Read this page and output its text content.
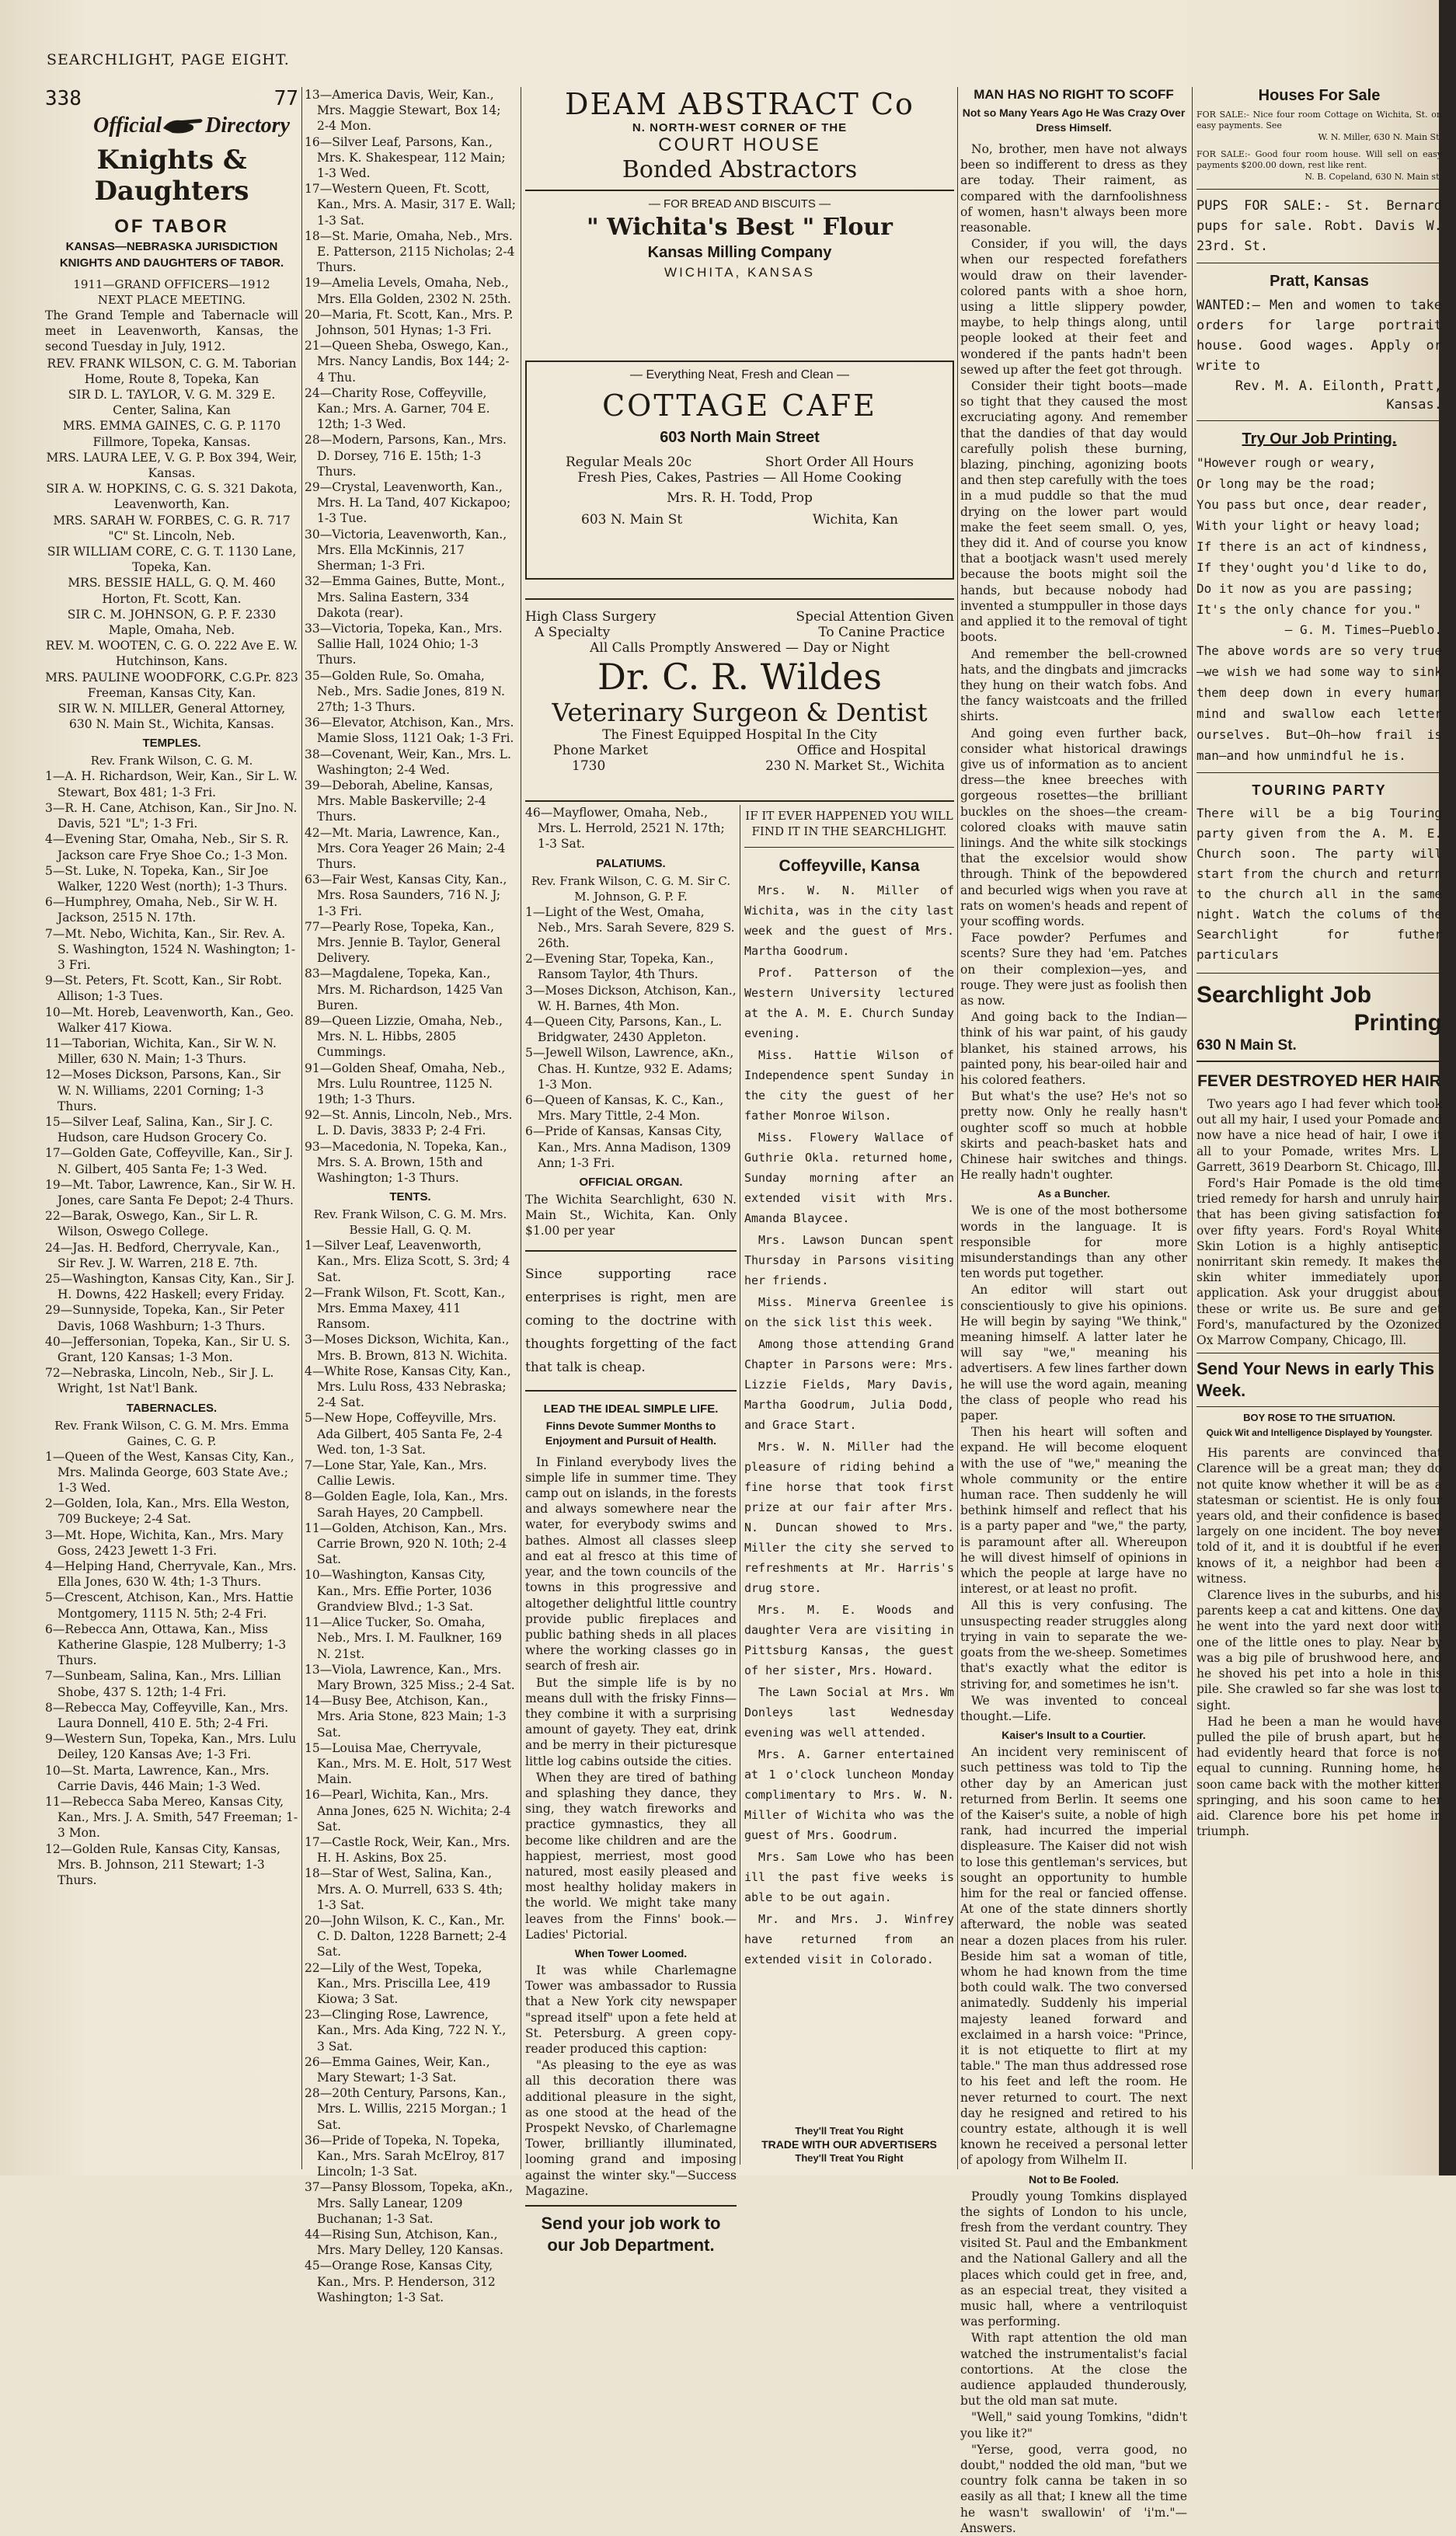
SEARCHLIGHT, PAGE EIGHT.
338	77
Official Directory
Knights & Daughters
OF TABOR
KANSAS—NEBRASKA JURISDICTION
KNIGHTS AND DAUGHTERS OF TABOR.
1911—GRAND OFFICERS—1912
NEXT PLACE MEETING.

The Grand Temple and Tabernacle will meet in Leavenworth, Kansas, the second Tuesday in July, 1912.

REV. FRANK WILSON, C. G. M. Taborian Home, Route 8, Topeka, Kan

SIR D. L. TAYLOR, V. G. M. 329 E. Center, Salina, Kan

MRS. EMMA GAINES, C. G. P. 1170 Fillmore, Topeka, Kansas.

MRS. LAURA LEE, V. G. P. Box 394, Weir, Kansas.

SIR A. W. HOPKINS, C. G. S. 321 Dakota, Leavenworth, Kan.

MRS. SARAH W. FORBES, C. G. R. 717 "C" St. Lincoln, Neb.

SIR WILLIAM CORE, C. G. T. 1130 Lane, Topeka, Kan.

MRS. BESSIE HALL, G. Q. M. 460 Horton, Ft. Scott, Kan.

SIR C. M. JOHNSON, G. P. F. 2330 Maple, Omaha, Neb.

REV. M. WOOTEN, C. G. O. 222 Ave E. W. Hutchinson, Kans.

MRS. PAULINE WOODFORK, C.G.Pr. 823 Freeman, Kansas City, Kan.

SIR W. N. MILLER, General Attorney, 630 N. Main St., Wichita, Kansas.

TEMPLES.
Rev. Frank Wilson, C. G. M.

1—A. H. Richardson, Weir, Kan., Sir L. W. Stewart, Box 481; 1-3 Fri.

3—R. H. Cane, Atchison, Kan., Sir Jno. N. Davis, 521 "L"; 1-3 Fri.

4—Evening Star, Omaha, Neb., Sir S. R. Jackson care Frye Shoe Co.; 1-3 Mon.

5—St. Luke, N. Topeka, Kan., Sir Joe Walker, 1220 West (north); 1-3 Thurs.

6—Humphrey, Omaha, Neb., Sir W. H. Jackson, 2515 N. 17th.

7—Mt. Nebo, Wichita, Kan., Sir. Rev. A. S. Washington, 1524 N. Washington; 1-3 Fri.

9—St. Peters, Ft. Scott, Kan., Sir Robt. Allison; 1-3 Tues.

10—Mt. Horeb, Leavenworth, Kan., Geo. Walker 417 Kiowa.

11—Taborian, Wichita, Kan., Sir W. N. Miller, 630 N. Main; 1-3 Thurs.

12—Moses Dickson, Parsons, Kan., Sir W. N. Williams, 2201 Corning; 1-3 Thurs.

15—Silver Leaf, Salina, Kan., Sir J. C. Hudson, care Hudson Grocery Co.

17—Golden Gate, Coffeyville, Kan., Sir J. N. Gilbert, 405 Santa Fe; 1-3 Wed.

19—Mt. Tabor, Lawrence, Kan., Sir W. H. Jones, care Santa Fe Depot; 2-4 Thurs.

22—Barak, Oswego, Kan., Sir L. R. Wilson, Oswego College.

24—Jas. H. Bedford, Cherryvale, Kan., Sir Rev. J. W. Warren, 218 E. 7th.

25—Washington, Kansas City, Kan., Sir J. H. Downs, 422 Haskell; every Friday.

29—Sunnyside, Topeka, Kan., Sir Peter Davis, 1068 Washburn; 1-3 Thurs.

40—Jeffersonian, Topeka, Kan., Sir U. S. Grant, 120 Kansas; 1-3 Mon.

72—Nebraska, Lincoln, Neb., Sir J. L. Wright, 1st Nat'l Bank.

TABERNACLES.
Rev. Frank Wilson, C. G. M. Mrs. Emma Gaines, C. G. P.

1—Queen of the West, Kansas City, Kan., Mrs. Malinda George, 603 State Ave.; 1-3 Wed.

2—Golden, Iola, Kan., Mrs. Ella Weston, 709 Buckeye; 2-4 Sat.

3—Mt. Hope, Wichita, Kan., Mrs. Mary Goss, 2423 Jewett 1-3 Fri.

4—Helping Hand, Cherryvale, Kan., Mrs. Ella Jones, 630 W. 4th; 1-3 Thurs.

5—Crescent, Atchison, Kan., Mrs. Hattie Montgomery, 1115 N. 5th; 2-4 Fri.

6—Rebecca Ann, Ottawa, Kan., Miss Katherine Glaspie, 128 Mulberry; 1-3 Thurs.

7—Sunbeam, Salina, Kan., Mrs. Lillian Shobe, 437 S. 12th; 1-4 Fri.

8—Rebecca May, Coffeyville, Kan., Mrs. Laura Donnell, 410 E. 5th; 2-4 Fri.

9—Western Sun, Topeka, Kan., Mrs. Lulu Deiley, 120 Kansas Ave; 1-3 Fri.

10—St. Marta, Lawrence, Kan., Mrs. Carrie Davis, 446 Main; 1-3 Wed.

11—Rebecca Saba Mereo, Kansas City, Kan., Mrs. J. A. Smith, 547 Freeman; 1-3 Mon.

12—Golden Rule, Kansas City, Kansas, Mrs. B. Johnson, 211 Stewart; 1-3 Thurs.

13—America Davis, Weir, Kan., Mrs. Maggie Stewart, Box 14; 2-4 Mon.

16—Silver Leaf, Parsons, Kan., Mrs. K. Shakespear, 112 Main; 1-3 Wed.

17—Western Queen, Ft. Scott, Kan., Mrs. A. Masir, 317 E. Wall; 1-3 Sat.

18—St. Marie, Omaha, Neb., Mrs. E. Patterson, 2115 Nicholas; 2-4 Thurs.

19—Amelia Levels, Omaha, Neb., Mrs. Ella Golden, 2302 N. 25th.

20—Maria, Ft. Scott, Kan., Mrs. P. Johnson, 501 Hynas; 1-3 Fri.

21—Queen Sheba, Oswego, Kan., Mrs. Nancy Landis, Box 144; 2-4 Thu.

24—Charity Rose, Coffeyville, Kan.; Mrs. A. Garner, 704 E. 12th; 1-3 Wed.

28—Modern, Parsons, Kan., Mrs. D. Dorsey, 716 E. 15th; 1-3 Thurs.

29—Crystal, Leavenworth, Kan., Mrs. H. La Tand, 407 Kickapoo; 1-3 Tue.

30—Victoria, Leavenworth, Kan., Mrs. Ella McKinnis, 217 Sherman; 1-3 Fri.

32—Emma Gaines, Butte, Mont., Mrs. Salina Eastern, 334 Dakota (rear).

33—Victoria, Topeka, Kan., Mrs. Sallie Hall, 1024 Ohio; 1-3 Thurs.

35—Golden Rule, So. Omaha, Neb., Mrs. Sadie Jones, 819 N. 27th; 1-3 Thurs.

36—Elevator, Atchison, Kan., Mrs. Mamie Sloss, 1121 Oak; 1-3 Fri.

38—Covenant, Weir, Kan., Mrs. L. Washington; 2-4 Wed.

39—Deborah, Abeline, Kansas, Mrs. Mable Baskerville; 2-4 Thurs.

42—Mt. Maria, Lawrence, Kan., Mrs. Cora Yeager 26 Main; 2-4 Thurs.

63—Fair West, Kansas City, Kan., Mrs. Rosa Saunders, 716 N. J; 1-3 Fri.

77—Pearly Rose, Topeka, Kan., Mrs. Jennie B. Taylor, General Delivery.

83—Magdalene, Topeka, Kan., Mrs. M. Richardson, 1425 Van Buren.

89—Queen Lizzie, Omaha, Neb., Mrs. N. L. Hibbs, 2805 Cummings.

91—Golden Sheaf, Omaha, Neb., Mrs. Lulu Rountree, 1125 N. 19th; 1-3 Thurs.

92—St. Annis, Lincoln, Neb., Mrs. L. D. Davis, 3833 P; 2-4 Fri.

93—Macedonia, N. Topeka, Kan., Mrs. S. A. Brown, 15th and Washington; 1-3 Thurs.

TENTS.
Rev. Frank Wilson, C. G. M. Mrs. Bessie Hall, G. Q. M.

1—Silver Leaf, Leavenworth, Kan., Mrs. Eliza Scott, S. 3rd; 4 Sat.

2—Frank Wilson, Ft. Scott, Kan., Mrs. Emma Maxey, 411 Ransom.

3—Moses Dickson, Wichita, Kan., Mrs. B. Brown, 813 N. Wichita.

4—White Rose, Kansas City, Kan., Mrs. Lulu Ross, 433 Nebraska; 2-4 Sat.

5—New Hope, Coffeyville, Mrs. Ada Gilbert, 405 Santa Fe, 2-4 Wed. ton, 1-3 Sat.

7—Lone Star, Yale, Kan., Mrs. Callie Lewis.

8—Golden Eagle, Iola, Kan., Mrs. Sarah Hayes, 20 Campbell.

11—Golden, Atchison, Kan., Mrs. Carrie Brown, 920 N. 10th; 2-4 Sat.

10—Washington, Kansas City, Kan., Mrs. Effie Porter, 1036 Grandview Blvd.; 1-3 Sat.

11—Alice Tucker, So. Omaha, Neb., Mrs. I. M. Faulkner, 169 N. 21st.

13—Viola, Lawrence, Kan., Mrs. Mary Brown, 325 Miss.; 2-4 Sat.

14—Busy Bee, Atchison, Kan., Mrs. Aria Stone, 823 Main; 1-3 Sat.

15—Louisa Mae, Cherryvale, Kan., Mrs. M. E. Holt, 517 West Main.

16—Pearl, Wichita, Kan., Mrs. Anna Jones, 625 N. Wichita; 2-4 Sat.

17—Castle Rock, Weir, Kan., Mrs. H. H. Askins, Box 25.

18—Star of West, Salina, Kan., Mrs. A. O. Murrell, 633 S. 4th; 1-3 Sat.

20—John Wilson, K. C., Kan., Mr. C. D. Dalton, 1228 Barnett; 2-4 Sat.

22—Lily of the West, Topeka, Kan., Mrs. Priscilla Lee, 419 Kiowa; 3 Sat.

23—Clinging Rose, Lawrence, Kan., Mrs. Ada King, 722 N. Y., 3 Sat.

26—Emma Gaines, Weir, Kan., Mary Stewart; 1-3 Sat.

28—20th Century, Parsons, Kan., Mrs. L. Willis, 2215 Morgan.; 1 Sat.

36—Pride of Topeka, N. Topeka, Kan., Mrs. Sarah McElroy, 817 Lincoln; 1-3 Sat.

37—Pansy Blossom, Topeka, aKn., Mrs. Sally Lanear, 1209 Buchanan; 1-3 Sat.

44—Rising Sun, Atchison, Kan., Mrs. Mary Delley, 120 Kansas.

45—Orange Rose, Kansas City, Kan., Mrs. P. Henderson, 312 Washington; 1-3 Sat.

DEAM ABSTRACT Co
N. NORTH-WEST CORNER OF THE
COURT HOUSE
Bonded Abstractors
— FOR BREAD AND BISCUITS —
" Wichita's Best " Flour
Kansas Milling Company
WICHITA, KANSAS
— Everything Neat, Fresh and Clean —
COTTAGE CAFE
603 North Main Street
Regular Meals 20c	Short Order All Hours
Fresh Pies, Cakes, Pastries — All Home Cooking
Mrs. R. H. Todd, Prop
603 N. Main St	Wichita, Kan
High Class Surgery	Special Attention Given
A Specialty	To Canine Practice
All Calls Promptly Answered — Day or Night
Dr. C. R. Wildes
Veterinary Surgeon & Dentist
The Finest Equipped Hospital In the City
Phone Market	Office and Hospital
1730	230 N. Market St., Wichita

46—Mayflower, Omaha, Neb., Mrs. L. Herrold, 2521 N. 17th; 1-3 Sat.

PALATIUMS.
Rev. Frank Wilson, C. G. M. Sir C. M. Johnson, G. P. F.

1—Light of the West, Omaha, Neb., Mrs. Sarah Severe, 829 S. 26th.

2—Evening Star, Topeka, Kan., Ransom Taylor, 4th Thurs.

3—Moses Dickson, Atchison, Kan., W. H. Barnes, 4th Mon.

4—Queen City, Parsons, Kan., L. Bridgwater, 2430 Appleton.

5—Jewell Wilson, Lawrence, aKn., Chas. H. Kuntze, 932 E. Adams; 1-3 Mon.

6—Queen of Kansas, K. C., Kan., Mrs. Mary Tittle, 2-4 Mon.

6—Pride of Kansas, Kansas City, Kan., Mrs. Anna Madison, 1309 Ann; 1-3 Fri.

OFFICIAL ORGAN.

The Wichita Searchlight, 630 N. Main St., Wichita, Kan. Only $1.00 per year

Since supporting race enterprises is right, men are coming to the doctrine with thoughts forgetting of the fact that talk is cheap.

LEAD THE IDEAL SIMPLE LIFE.
Finns Devote Summer Months to Enjoyment and Pursuit of Health.

In Finland everybody lives the simple life in summer time. They camp out on islands, in the forests and always somewhere near the water, for everybody swims and bathes. Almost all classes sleep and eat al fresco at this time of year, and the town councils of the towns in this progressive and altogether delightful little country provide public fireplaces and public bathing sheds in all places where the working classes go in search of fresh air.

But the simple life is by no means dull with the frisky Finns—they combine it with a surprising amount of gayety. They eat, drink and be merry in their picturesque little log cabins outside the cities.

When they are tired of bathing and splashing they dance, they sing, they watch fireworks and practice gymnastics, they all become like children and are the happiest, merriest, most good natured, most easily pleased and most healthy holiday makers in the world. We might take many leaves from the Finns' book.—Ladies' Pictorial.

When Tower Loomed.

It was while Charlemagne Tower was ambassador to Russia that a New York city newspaper "spread itself" upon a fete held at St. Petersburg. A green copy-reader produced this caption:

"As pleasing to the eye as was all this decoration there was additional pleasure in the sight, as one stood at the head of the Prospekt Nevsko, of Charlemagne Tower, brilliantly illuminated, looming grand and imposing against the winter sky."—Success Magazine.

Send your job work to our Job Department.
IF IT EVER HAPPENED YOU WILL FIND IT IN THE SEARCHLIGHT.
Coffeyville, Kansa

Mrs. W. N. Miller of Wichita, was in the city last week and the guest of Mrs. Martha Goodrum.

Prof. Patterson of the Western University lectured at the A. M. E. Church Sunday evening.

Miss. Hattie Wilson of Independence spent Sunday in the city the guest of her father Monroe Wilson.

Miss. Flowery Wallace of Guthrie Okla. returned home, Sunday morning after an extended visit with Mrs. Amanda Blaycee.

Mrs. Lawson Duncan spent Thursday in Parsons visiting her friends.

Miss. Minerva Greenlee is on the sick list this week.

Among those attending Grand Chapter in Parsons were: Mrs. Lizzie Fields, Mary Davis, Martha Goodrum, Julia Dodd, and Grace Start.

Mrs. W. N. Miller had the pleasure of riding behind a fine horse that took first prize at our fair after Mrs. N. Duncan showed to Mrs. Miller the city she served to refreshments at Mr. Harris's drug store.

Mrs. M. E. Woods and daughter Vera are visiting in Pittsburg Kansas, the guest of her sister, Mrs. Howard.

The Lawn Social at Mrs. Wm Donleys last Wednesday evening was well attended.

Mrs. A. Garner entertained at 1 o'clock luncheon Monday complimentary to Mrs. W. N. Miller of Wichita who was the guest of Mrs. Goodrum.

Mrs. Sam Lowe who has been ill the past five weeks is able to be out again.

Mr. and Mrs. J. Winfrey have returned from an extended visit in Colorado.

They'll Treat You Right
TRADE WITH OUR ADVERTISERS
They'll Treat You Right
MAN HAS NO RIGHT TO SCOFF
Not so Many Years Ago He Was Crazy Over Dress Himself.

No, brother, men have not always been so indifferent to dress as they are today. Their raiment, as compared with the darnfoolishness of women, hasn't always been more reasonable.

Consider, if you will, the days when our respected forefathers would draw on their lavender-colored pants with a shoe horn, using a little slippery powder, maybe, to help things along, until people looked at their feet and wondered if the pants hadn't been sewed up after the feet got through.

Consider their tight boots—made so tight that they caused the most excruciating agony. And remember that the dandies of that day would carefully polish these burning, blazing, pinching, agonizing boots and then step carefully with the toes in a mud puddle so that the mud drying on the lower part would make the feet seem small. O, yes, they did it. And of course you know that a bootjack wasn't used merely because the boots might soil the hands, but because nobody had invented a stumppuller in those days and applied it to the removal of tight boots.

And remember the bell-crowned hats, and the dingbats and jimcracks they hung on their watch fobs. And the fancy waistcoats and the frilled shirts.

And going even further back, consider what historical drawings give us of information as to ancient dress—the knee breeches with gorgeous rosettes—the brilliant buckles on the shoes—the cream-colored cloaks with mauve satin linings. And the white silk stockings that the excelsior would show through. Think of the bepowdered and becurled wigs when you rave at rats on women's heads and repent of your scoffing words.

Face powder? Perfumes and scents? Sure they had 'em. Patches on their complexion—yes, and rouge. They were just as foolish then as now.

And going back to the Indian—think of his war paint, of his gaudy blanket, his stained arrows, his painted pony, his bear-oiled hair and his colored feathers.

But what's the use? He's not so pretty now. Only he really hasn't oughter scoff so much at hobble skirts and peach-basket hats and Chinese hair switches and things. He really hadn't oughter.

As a Buncher.

We is one of the most bothersome words in the language. It is responsible for more misunderstandings than any other ten words put together.

An editor will start out conscientiously to give his opinions. He will begin by saying "We think," meaning himself. A latter later he will say "we," meaning his advertisers. A few lines farther down he will use the word again, meaning the class of people who read his paper.

Then his heart will soften and expand. He will become eloquent with the use of "we," meaning the whole community or the entire human race. Then suddenly he will bethink himself and reflect that his is a party paper and "we," the party, is paramount after all. Whereupon he will divest himself of opinions in which the people at large have no interest, or at least no profit.

All this is very confusing. The unsuspecting reader struggles along trying in vain to separate the we-goats from the we-sheep. Sometimes that's exactly what the editor is striving for, and sometimes he isn't.

We was invented to conceal thought.—Life.

Kaiser's Insult to a Courtier.

An incident very reminiscent of such pettiness was told to Tip the other day by an American just returned from Berlin. It seems one of the Kaiser's suite, a noble of high rank, had incurred the imperial displeasure. The Kaiser did not wish to lose this gentleman's services, but sought an opportunity to humble him for the real or fancied offense. At one of the state dinners shortly afterward, the noble was seated near a dozen places from his ruler. Beside him sat a woman of title, whom he had known from the time both could walk. The two conversed animatedly. Suddenly his imperial majesty leaned forward and exclaimed in a harsh voice: "Prince, it is not etiquette to flirt at my table." The man thus addressed rose to his feet and left the room. He never returned to court. The next day he resigned and retired to his country estate, although it is well known he received a personal letter of apology from Wilhelm II.

Not to Be Fooled.

Proudly young Tomkins displayed the sights of London to his uncle, fresh from the verdant country. They visited St. Paul and the Embankment and the National Gallery and all the places which could get in free, and, as an especial treat, they visited a music hall, where a ventriloquist was performing.

With rapt attention the old man watched the instrumentalist's facial contortions. At the close the audience applauded thunderously, but the old man sat mute.

"Well," said young Tomkins, "didn't you like it?"

"Yerse, good, verra good, no doubt," nodded the old man, "but we country folk canna be taken in so easily as all that; I knew all the time he wasn't swallowin' of 'i'm."—Answers.

Houses For Sale

FOR SALE:- Nice four room Cottage on Wichita, St. on easy payments. See

W. N. Miller, 630 N. Main St.

FOR SALE:- Good four room house. Will sell on easy payments $200.00 down, rest like rent.

N. B. Copeland, 630 N. Main st.

PUPS FOR SALE:- St. Bernard pups for sale. Robt. Davis W. 23rd. St.

Pratt, Kansas

WANTED:— Men and women to take orders for large portrait house. Good wages. Apply or write to

Rev. M. A. Eilonth, Pratt, Kansas.

Try Our Job Printing.

"However rough or weary,

Or long may be the road;

You pass but once, dear reader,

With your light or heavy load;

If there is an act of kindness,

If they'ought you'd like to do,

Do it now as you are passing;

It's the only chance for you."

— G. M. Times—Pueblo.

The above words are so very true—we wish we had some way to sink them deep down in every human mind and swallow each letter ourselves. But—Oh—how frail is man—and how unmindful he is.

TOURING PARTY

There will be a big Touring party given from the A. M. E. Church soon. The party will start from the church and return to the church all in the same night. Watch the colums of the Searchlight for futher particulars

Searchlight Job
Printing
630 N Main St.
FEVER DESTROYED HER HAIR

Two years ago I had fever which took out all my hair, I used your Pomade and now have a nice head of hair, I owe it all to your Pomade, writes Mrs. L. Garrett, 3619 Dearborn St. Chicago, Ill.

Ford's Hair Pomade is the old time tried remedy for harsh and unruly hair, that has been giving satisfaction for over fifty years. Ford's Royal White Skin Lotion is a highly antiseptic, nonirritant skin remedy. It makes the skin whiter immediately upon application. Ask your druggist about these or write us. Be sure and get Ford's, manufactured by the Ozonized Ox Marrow Company, Chicago, Ill.

Send Your News in early This Week.
BOY ROSE TO THE SITUATION.
Quick Wit and Intelligence Displayed by Youngster.

His parents are convinced that Clarence will be a great man; they do not quite know whether it will be as a statesman or scientist. He is only four years old, and their confidence is based largely on one incident. The boy never told of it, and it is doubtful if he even knows of it, a neighbor had been a witness.

Clarence lives in the suburbs, and his parents keep a cat and kittens. One day he went into the yard next door with one of the little ones to play. Near by was a big pile of brushwood here, and he shoved his pet into a hole in this pile. She crawled so far she was lost to sight.

Had he been a man he would have pulled the pile of brush apart, but he had evidently heard that force is not equal to cunning. Running home, he soon came back with the mother kitten springing, and his soon came to her aid. Clarence bore his pet home in triumph.
